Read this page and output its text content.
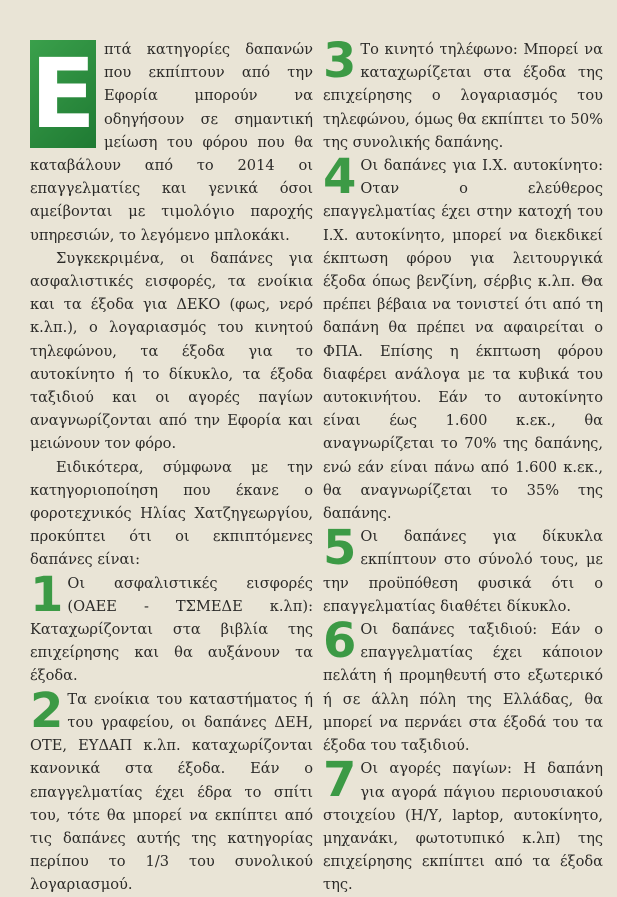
Ε πτά κατηγορίες δαπανών που εκπίπτουν από την Εφορία μπορούν να οδηγήσουν σε σημαντική μείωση του φόρου που θα καταβάλουν από το 2014 οι επαγγελματίες και γενικά όσοι αμείβονται με τιμολόγιο παροχής υπηρεσιών, το λεγόμενο μπλοκάκι.

Συγκεκριμένα, οι δαπάνες για ασφαλιστικές εισφορές, τα ενοίκια και τα έξοδα για ΔΕΚΟ (φως, νερό κ.λπ.), ο λογαριασμός του κινητού τηλεφώνου, τα έξοδα για το αυτοκίνητο ή το δίκυκλο, τα έξοδα ταξιδιού και οι αγορές παγίων αναγνωρίζονται από την Εφορία και μειώνουν τον φόρο.

Ειδικότερα, σύμφωνα με την κατηγοριοποίηση που έκανε ο φοροτεχνικός Ηλίας Χατζηγεωργίου, προκύπτει ότι οι εκπιπτόμενες δαπάνες είναι:

1 Οι ασφαλιστικές εισφορές (ΟΑΕΕ - ΤΣΜΕΔΕ κ.λπ): Καταχωρίζονται στα βιβλία της επιχείρησης και θα αυξάνουν τα έξοδα.

2 Τα ενοίκια του καταστήματος ή του γραφείου, οι δαπάνες ΔΕΗ, ΟΤΕ, ΕΥΔΑΠ κ.λπ. καταχωρίζονται κανονικά στα έξοδα. Εάν ο επαγγελματίας έχει έδρα το σπίτι του, τότε θα μπορεί να εκπίπτει από τις δαπάνες αυτής της κατηγορίας περίπου το 1/3 του συνολικού λογαριασμού.

3 Το κινητό τηλέφωνο: Μπορεί να καταχωρίζεται στα έξοδα της επιχείρησης ο λογαριασμός του τηλεφώνου, όμως θα εκπίπτει το 50% της συνολικής δαπάνης.

4 Οι δαπάνες για Ι.Χ. αυτοκίνητο: Οταν ο ελεύθερος επαγγελματίας έχει στην κατοχή του Ι.Χ. αυτοκίνητο, μπορεί να διεκδικεί έκπτωση φόρου για λειτουργικά έξοδα όπως βενζίνη, σέρβις κ.λπ. Θα πρέπει βέβαια να τονιστεί ότι από τη δαπάνη θα πρέπει να αφαιρείται ο ΦΠΑ. Επίσης η έκπτωση φόρου διαφέρει ανάλογα με τα κυβικά του αυτοκινήτου. Εάν το αυτοκίνητο είναι έως 1.600 κ.εκ., θα αναγνωρίζεται το 70% της δαπάνης, ενώ εάν είναι πάνω από 1.600 κ.εκ., θα αναγνωρίζεται το 35% της δαπάνης.

5 Οι δαπάνες για δίκυκλα εκπίπτουν στο σύνολό τους, με την προϋπόθεση φυσικά ότι ο επαγγελματίας διαθέτει δίκυκλο.

6 Οι δαπάνες ταξιδιού: Εάν ο επαγγελματίας έχει κάποιον πελάτη ή προμηθευτή στο εξωτερικό ή σε άλλη πόλη της Ελλάδας, θα μπορεί να περνάει στα έξοδά του τα έξοδα του ταξιδιού.

7 Οι αγορές παγίων: Η δαπάνη για αγορά πάγιου περιουσιακού στοιχείου (Η/Υ, laptop, αυτοκίνητο, μηχανάκι, φωτοτυπικό κ.λπ) της επιχείρησης εκπίπτει από τα έξοδα της.
